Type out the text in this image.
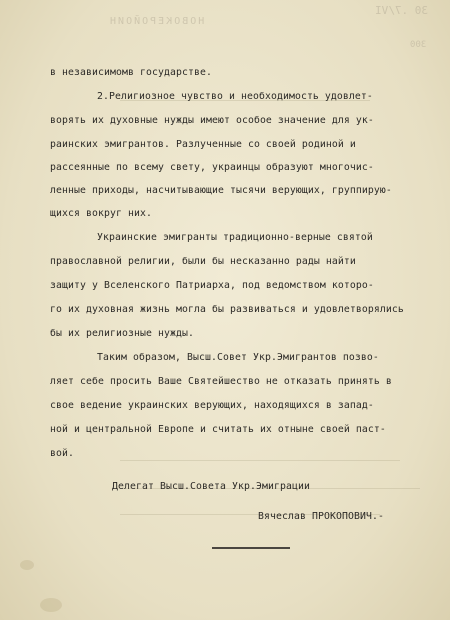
НОВОКЕРОЙОИН
30 .7/VI
300
в независимомв государстве.
2.Религиозное чувство и необходимость удовлет-
ворять их духовные нужды имеют особое значение для ук-
раинских эмигрантов. Разлученные со своей родиной и
рассеянные по всему свету, украинцы образуют многочис-
ленные приходы, насчитывающие тысячи верующих, группирую-
щихся вокруг них.
Украинские эмигранты традиционно-верные святой
православной религии, были бы несказанно рады найти
защиту у Вселенского Патриарха, под ведомством которо-
го их духовная жизнь могла бы развиваться и удовлетворялись
бы их религиозные нужды.
Таким образом, Высш.Совет Укр.Эмигрантов позво-
ляет себе просить Ваше Святейшество не отказать принять в
свое ведение украинских верующих, находящихся в запад-
ной и центральной Европе и считать их отныне своей паст-
вой.
Делегат Высш.Совета Укр.Эмиграции
Вячеслав ПРОКОПОВИЧ.-
